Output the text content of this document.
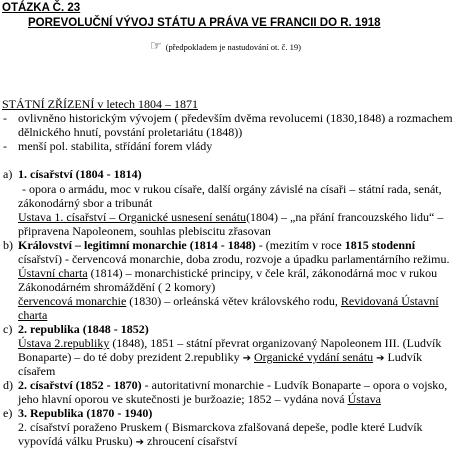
OTÁZKA Č. 23
POREVOLUČNÍ VÝVOJ STÁTU A PRÁVA VE FRANCII DO R. 1918
☞ (předpokladem je nastudování ot. č. 19)
STÁTNÍ ZŘÍZENÍ v letech 1804 – 1871
- ovlivněno historickým vývojem ( především dvěma revolucemi (1830,1848) a rozmachem
dělnického hnutí, povstání proletariátu (1848))
- menší pol. stabilita, střídání forem vlády
a) 1. císařství (1804 - 1814)
- opora o armádu, moc v rukou císaře, další orgány závislé na císaři – státní rada, senát,
zákonodárný sbor a tribunát
Ustava 1. císařství – Organické usnesení senátu(1804) – „na přání francouzského lidu“ –
připravena Napoleonem, souhlas plebiscitu zřasovan
b) Království – legitimní monarchie (1814 - 1848) - (mezitím v roce 1815 stodenní
císařství) - červencová monarchie, doba zrodu, rozvoje a úpadku parlamentárního režimu.
Ústavní charta (1814) – monarchistické principy, v čele král, zákonodárná moc v rukou
Zákonodárném shromáždění ( 2 komory)
červencová monarchie (1830) – orleánská větev královského rodu, Revidovaná Ústavní
charta
c) 2. republika (1848 - 1852)
Ústava 2.republiky (1848), 1851 – státní převrat organizovaný Napoleonem III. (Ludvík
Bonaparte) – do té doby prezident 2.republiky ➔ Organické vydání senátu ➔ Ludvík
císařem
d) 2. císařství (1852 - 1870) - autoritativní monarchie - Ludvík Bonaparte – opora o vojsko,
jeho hlavní oporou ve skutečnosti je buržoazie; 1852 – vydána nová Ústava
e) 3. Republika (1870 - 1940)
2. císařství poraženo Pruskem ( Bismarckova zfalšovaná depeše, podle které Ludvík
vypovídá válku Prusku) ➔ zhroucení císařství
